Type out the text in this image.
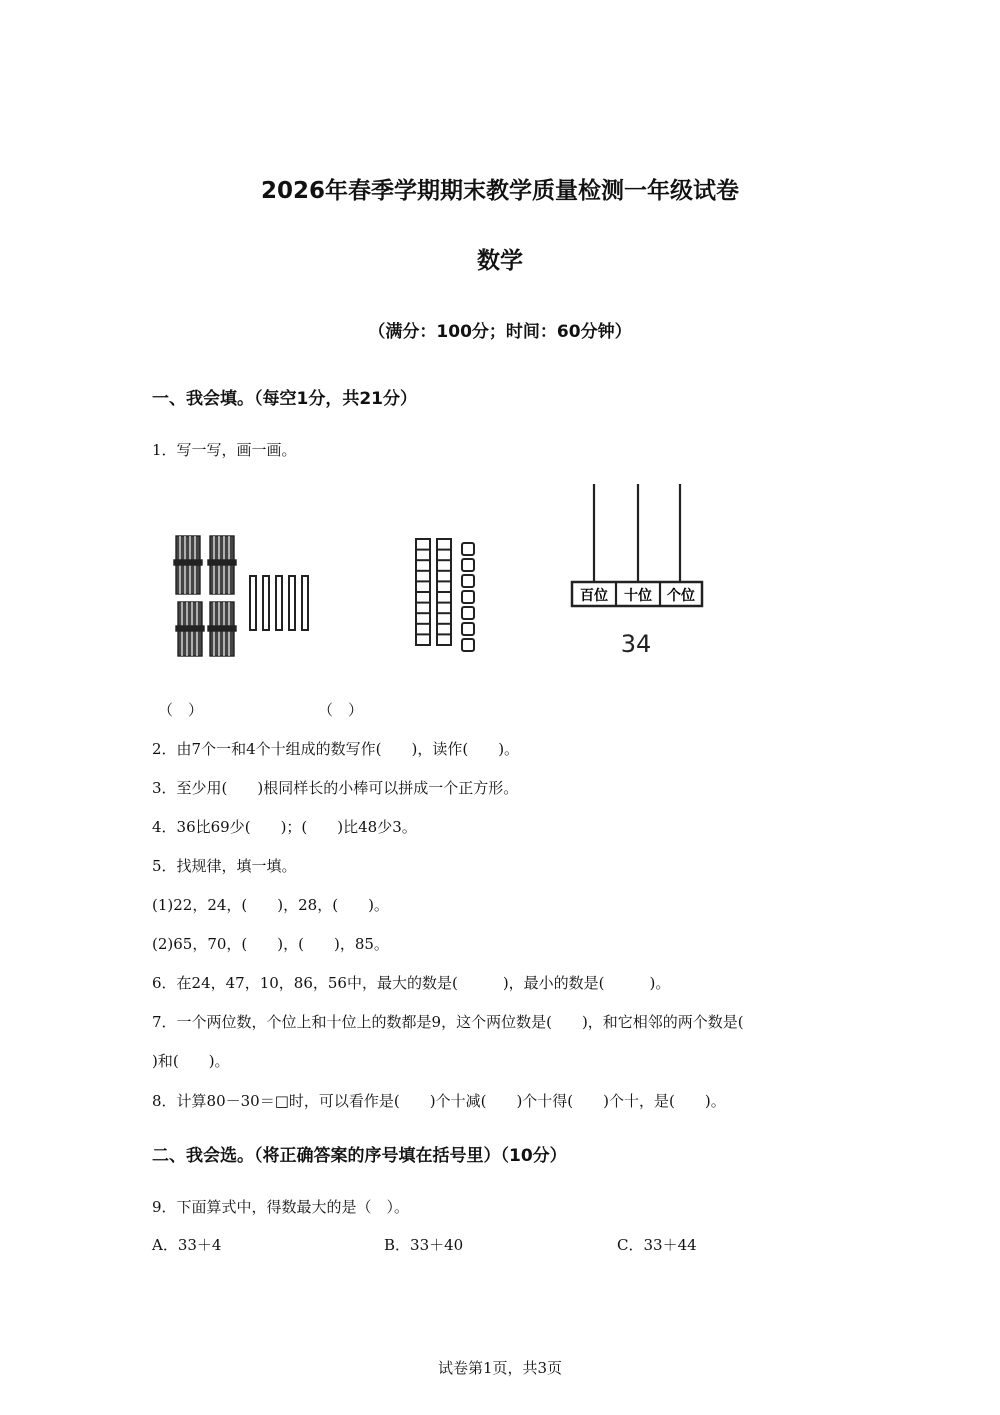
2026年春季学期期末教学质量检测一年级试卷
数学
（满分：100分；时间：60分钟）
一、我会填。（每空1分，共21分）
1．写一写，画一画。
百位 十位 个位
34
（　）	（　）
2．由7个一和4个十组成的数写作(　　)，读作(　　)。
3．至少用(　　)根同样长的小棒可以拼成一个正方形。
4．36比69少(　　)；(　　)比48少3。
5．找规律，填一填。
(1)22，24，(　　)，28，(　　)。
(2)65，70，(　　)，(　　)，85。
6．在24，47，10，86，56中，最大的数是(　　　)，最小的数是(　　　)。
7．一个两位数，个位上和十位上的数都是9，这个两位数是(　　)，和它相邻的两个数是(
)和(　　)。
8．计算80－30＝□时，可以看作是(　　)个十减(　　)个十得(　　)个十，是(　　)。
二、我会选。（将正确答案的序号填在括号里）（10分）
9．下面算式中，得数最大的是（　）。
A．33＋4	B．33＋40	C．33＋44
试卷第1页，共3页
